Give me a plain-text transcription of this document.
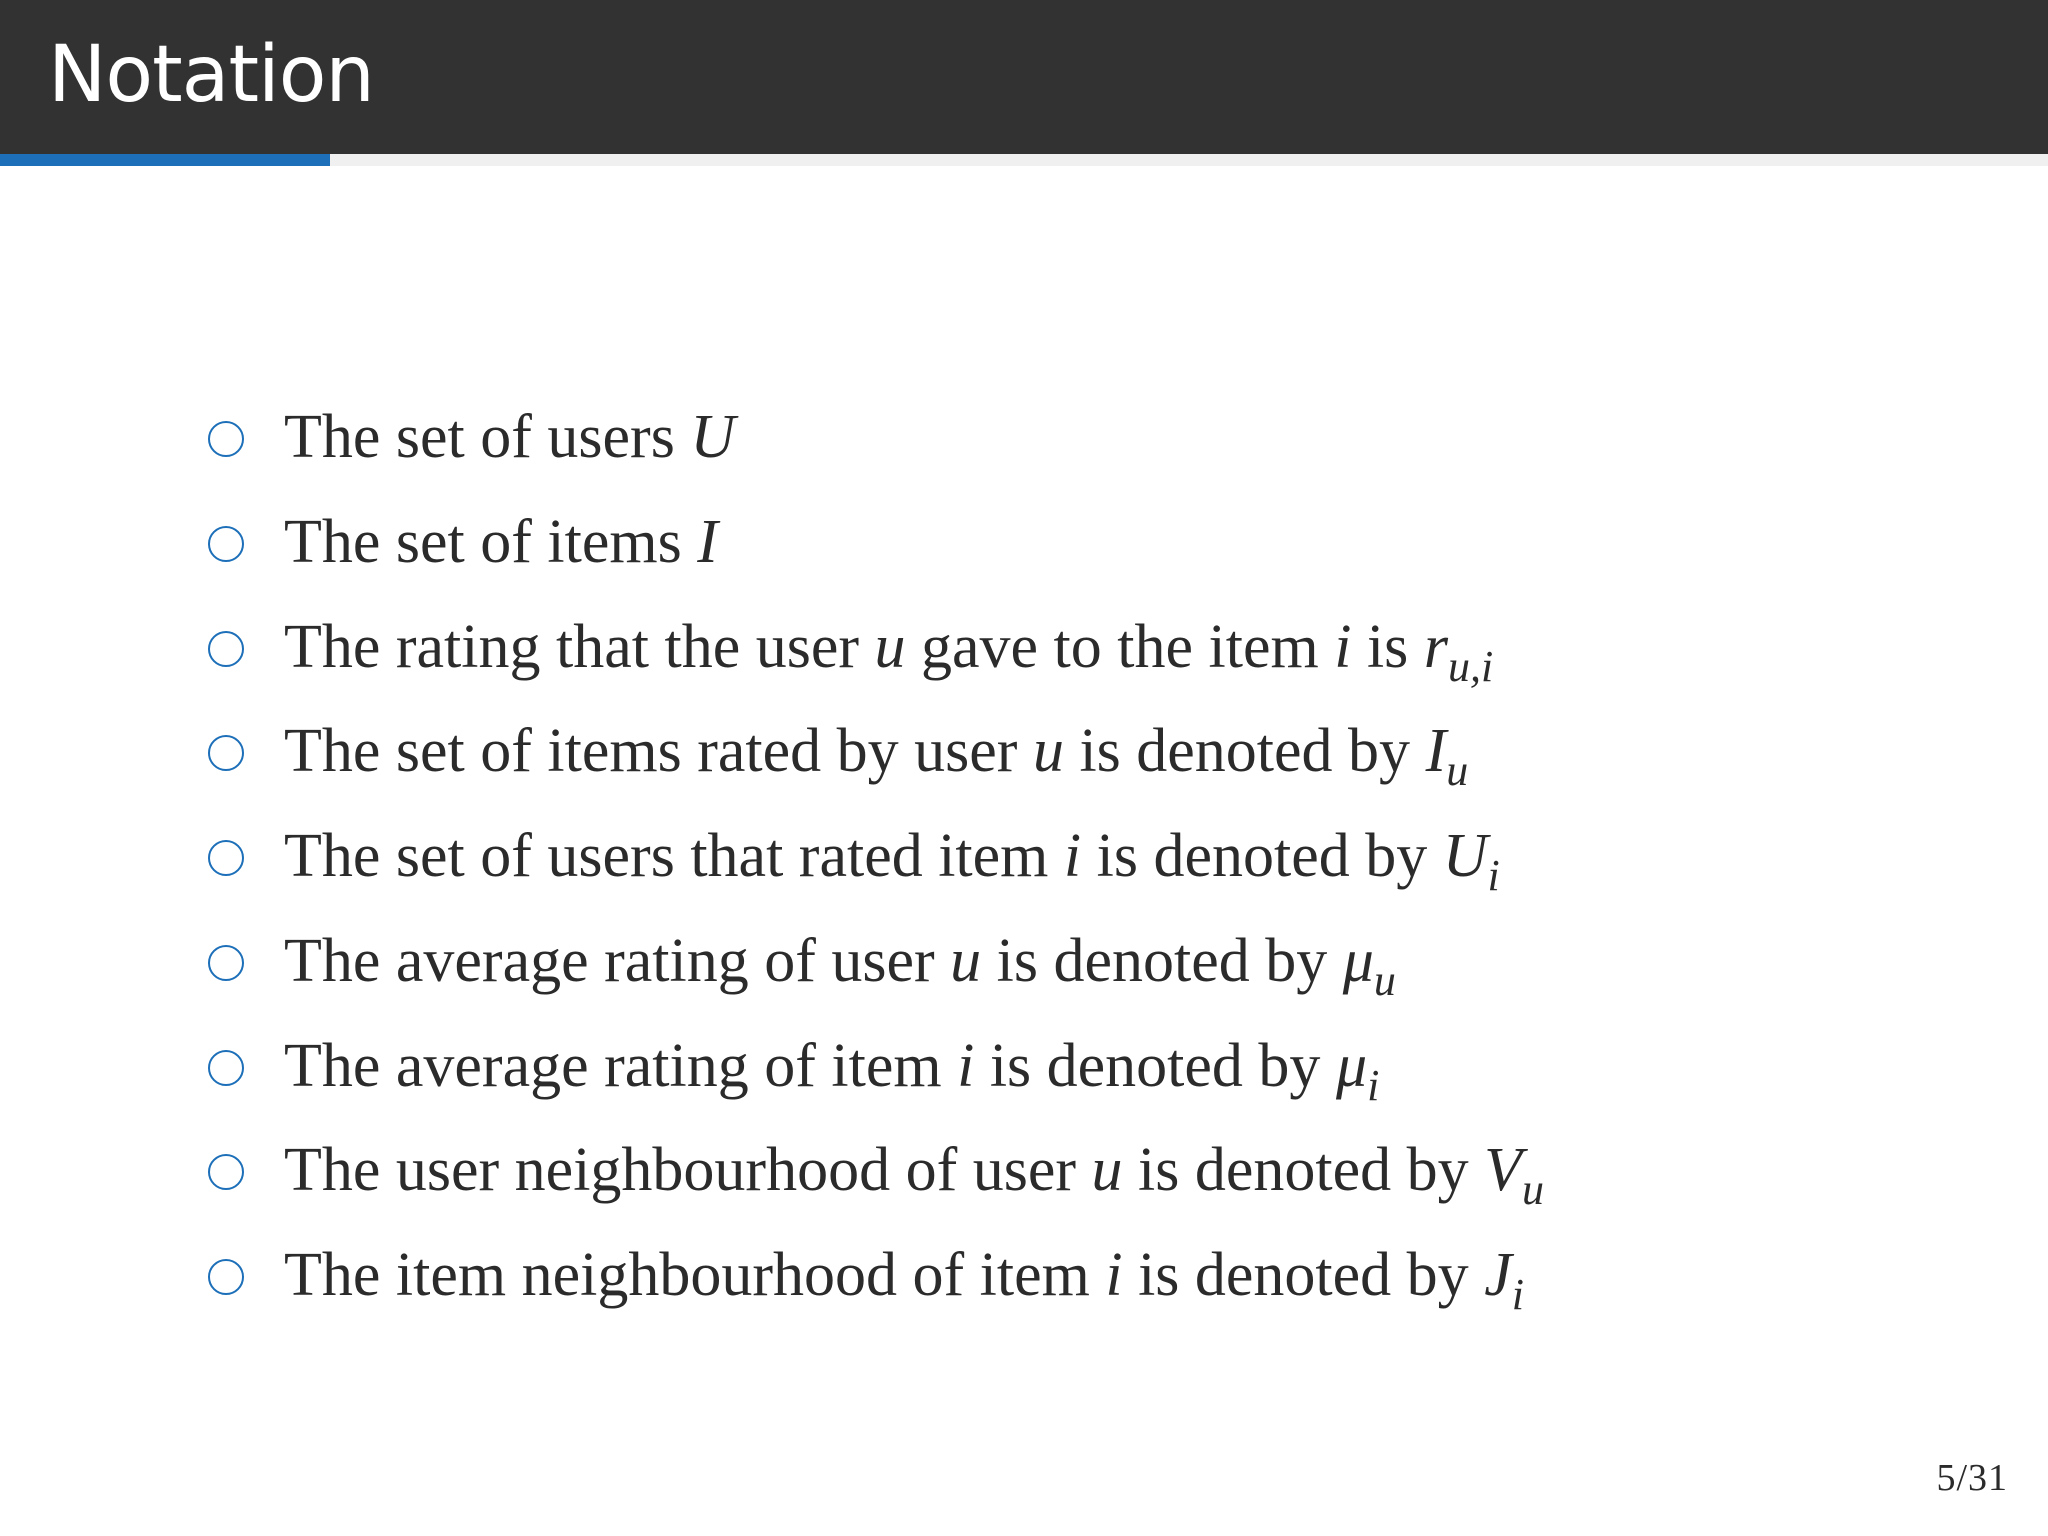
Notation
The set of users U
The set of items I
The rating that the user u gave to the item i is $r_{u,i}$
The set of items rated by user u is denoted by $I_u$
The set of users that rated item i is denoted by $U_i$
The average rating of user u is denoted by $\mu_u$
The average rating of item i is denoted by $\mu_i$
The user neighbourhood of user u is denoted by $V_u$
The item neighbourhood of item i is denoted by $J_i$
5/31
